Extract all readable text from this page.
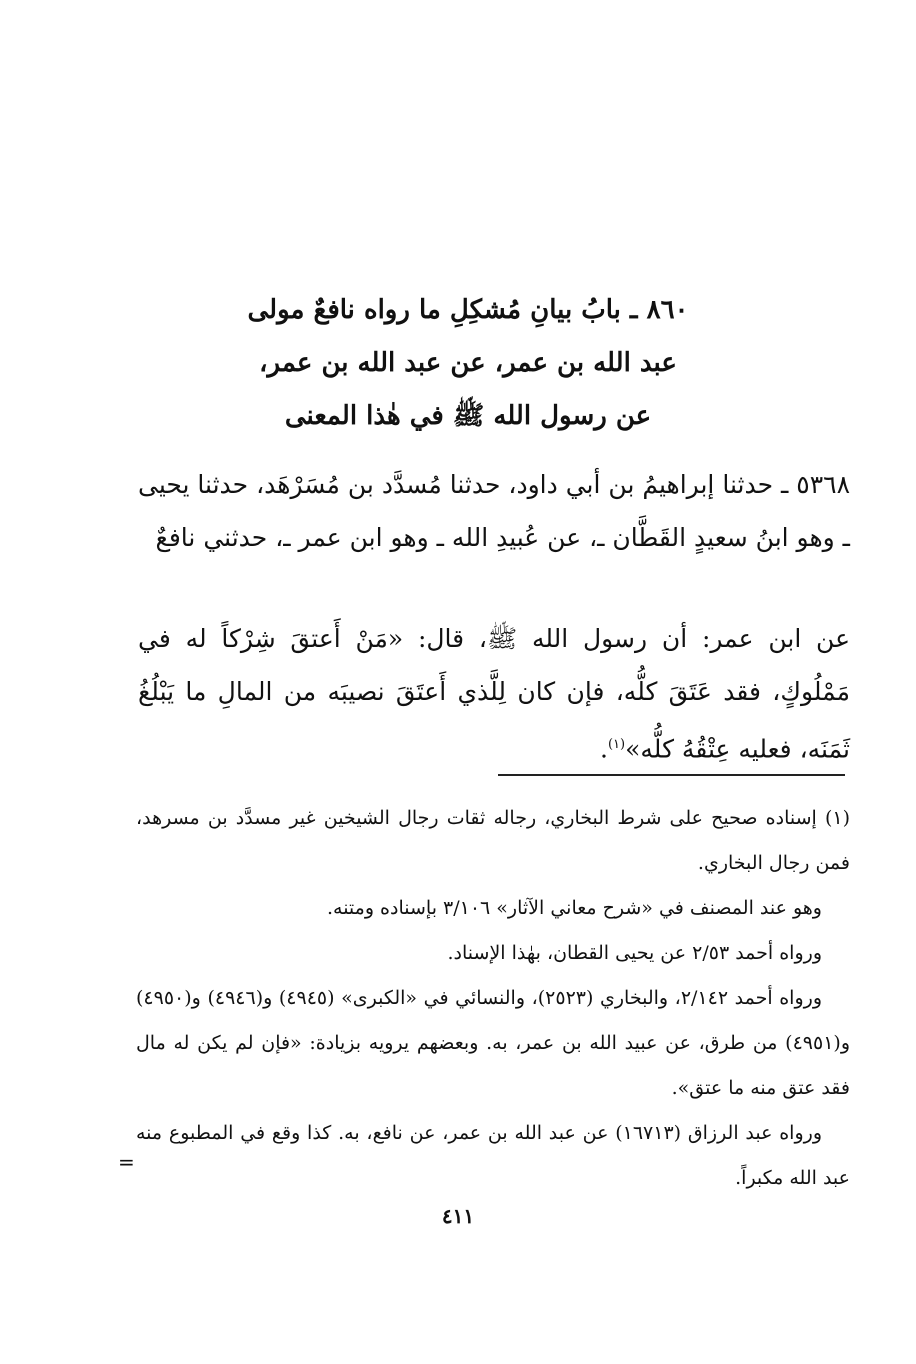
٨٦٠ ـ بابُ بيانِ مُشكِلِ ما رواه نافعٌ مولى
عبد الله بن عمر، عن عبد الله بن عمر،
عن رسول الله ﷺ في هٰذا المعنى
٥٣٦٨ ـ حدثنا إبراهيمُ بن أبي داود، حدثنا مُسدَّد بن مُسَرْهَد، حدثنا يحيى ـ وهو ابنُ سعيدٍ القَطَّان ـ، عن عُبيدِ الله ـ وهو ابن عمر ـ، حدثني نافعٌ
عن ابن عمر: أن رسول الله ﷺ، قال: «مَنْ أَعتقَ شِرْكاً له في مَمْلُوكٍ، فقد عَتَقَ كلُّه، فإن كان لِلَّذي أَعتَقَ نصيبَه من المالِ ما يَبْلُغُ ثَمَنَه، فعليه عِتْقُهُ كلُّه»$^{(١)}$.
(١) إسناده صحيح على شرط البخاري، رجاله ثقات رجال الشيخين غير مسدَّد بن مسرهد، فمن رجال البخاري.
وهو عند المصنف في «شرح معاني الآثار» ٣/١٠٦ بإسناده ومتنه.
ورواه أحمد ٢/٥٣ عن يحيى القطان، بهٰذا الإسناد.
ورواه أحمد ٢/١٤٢، والبخاري (٢٥٢٣)، والنسائي في «الكبرى» (٤٩٤٥) و(٤٩٤٦) و(٤٩٥٠) و(٤٩٥١) من طرق، عن عبيد الله بن عمر، به. وبعضهم يرويه بزيادة: «فإن لم يكن له مال فقد عتق منه ما عتق».
ورواه عبد الرزاق (١٦٧١٣) عن عبد الله بن عمر، عن نافع، به. كذا وقع في المطبوع منه عبد الله مكبراً.
=
٤١١
